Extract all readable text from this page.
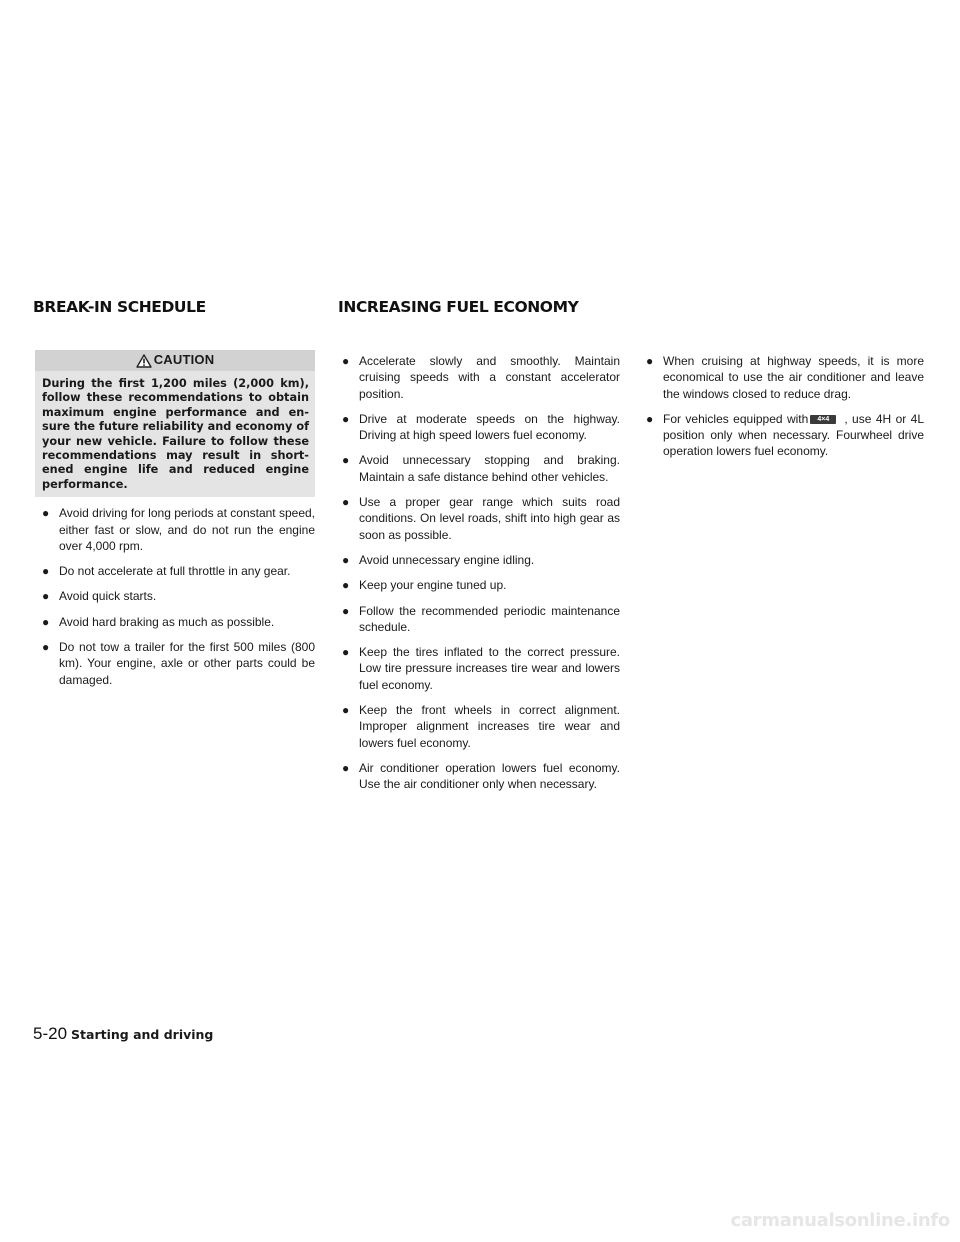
BREAK-IN SCHEDULE	INCREASING FUEL ECONOMY
CAUTION

During the first 1,200 miles (2,000 km), follow these recommendations to obtain maximum engine performance and ensure the future reliability and economy of your new vehicle. Failure to follow these recommendations may result in shortened engine life and reduced engine performance.

● Avoid driving for long periods at constant speed, either fast or slow, and do not run the engine over 4,000 rpm.
● Do not accelerate at full throttle in any gear.
● Avoid quick starts.
● Avoid hard braking as much as possible.
● Do not tow a trailer for the first 500 miles (800 km). Your engine, axle or other parts could be damaged.
● Accelerate slowly and smoothly. Maintain cruising speeds with a constant accelerator position.
● Drive at moderate speeds on the highway. Driving at high speed lowers fuel economy.
● Avoid unnecessary stopping and braking. Maintain a safe distance behind other vehicles.
● Use a proper gear range which suits road conditions. On level roads, shift into high gear as soon as possible.
● Avoid unnecessary engine idling.
● Keep your engine tuned up.
● Follow the recommended periodic maintenance schedule.
● Keep the tires inflated to the correct pressure. Low tire pressure increases tire wear and lowers fuel economy.
● Keep the front wheels in correct alignment. Improper alignment increases tire wear and lowers fuel economy.
● Air conditioner operation lowers fuel economy. Use the air conditioner only when necessary.
● When cruising at highway speeds, it is more economical to use the air conditioner and leave the windows closed to reduce drag.
● For vehicles equipped with 4×4 , use 4H or 4L position only when necessary. Fourwheel drive operation lowers fuel economy.
5-20 Starting and driving
carmanualsonline.info
